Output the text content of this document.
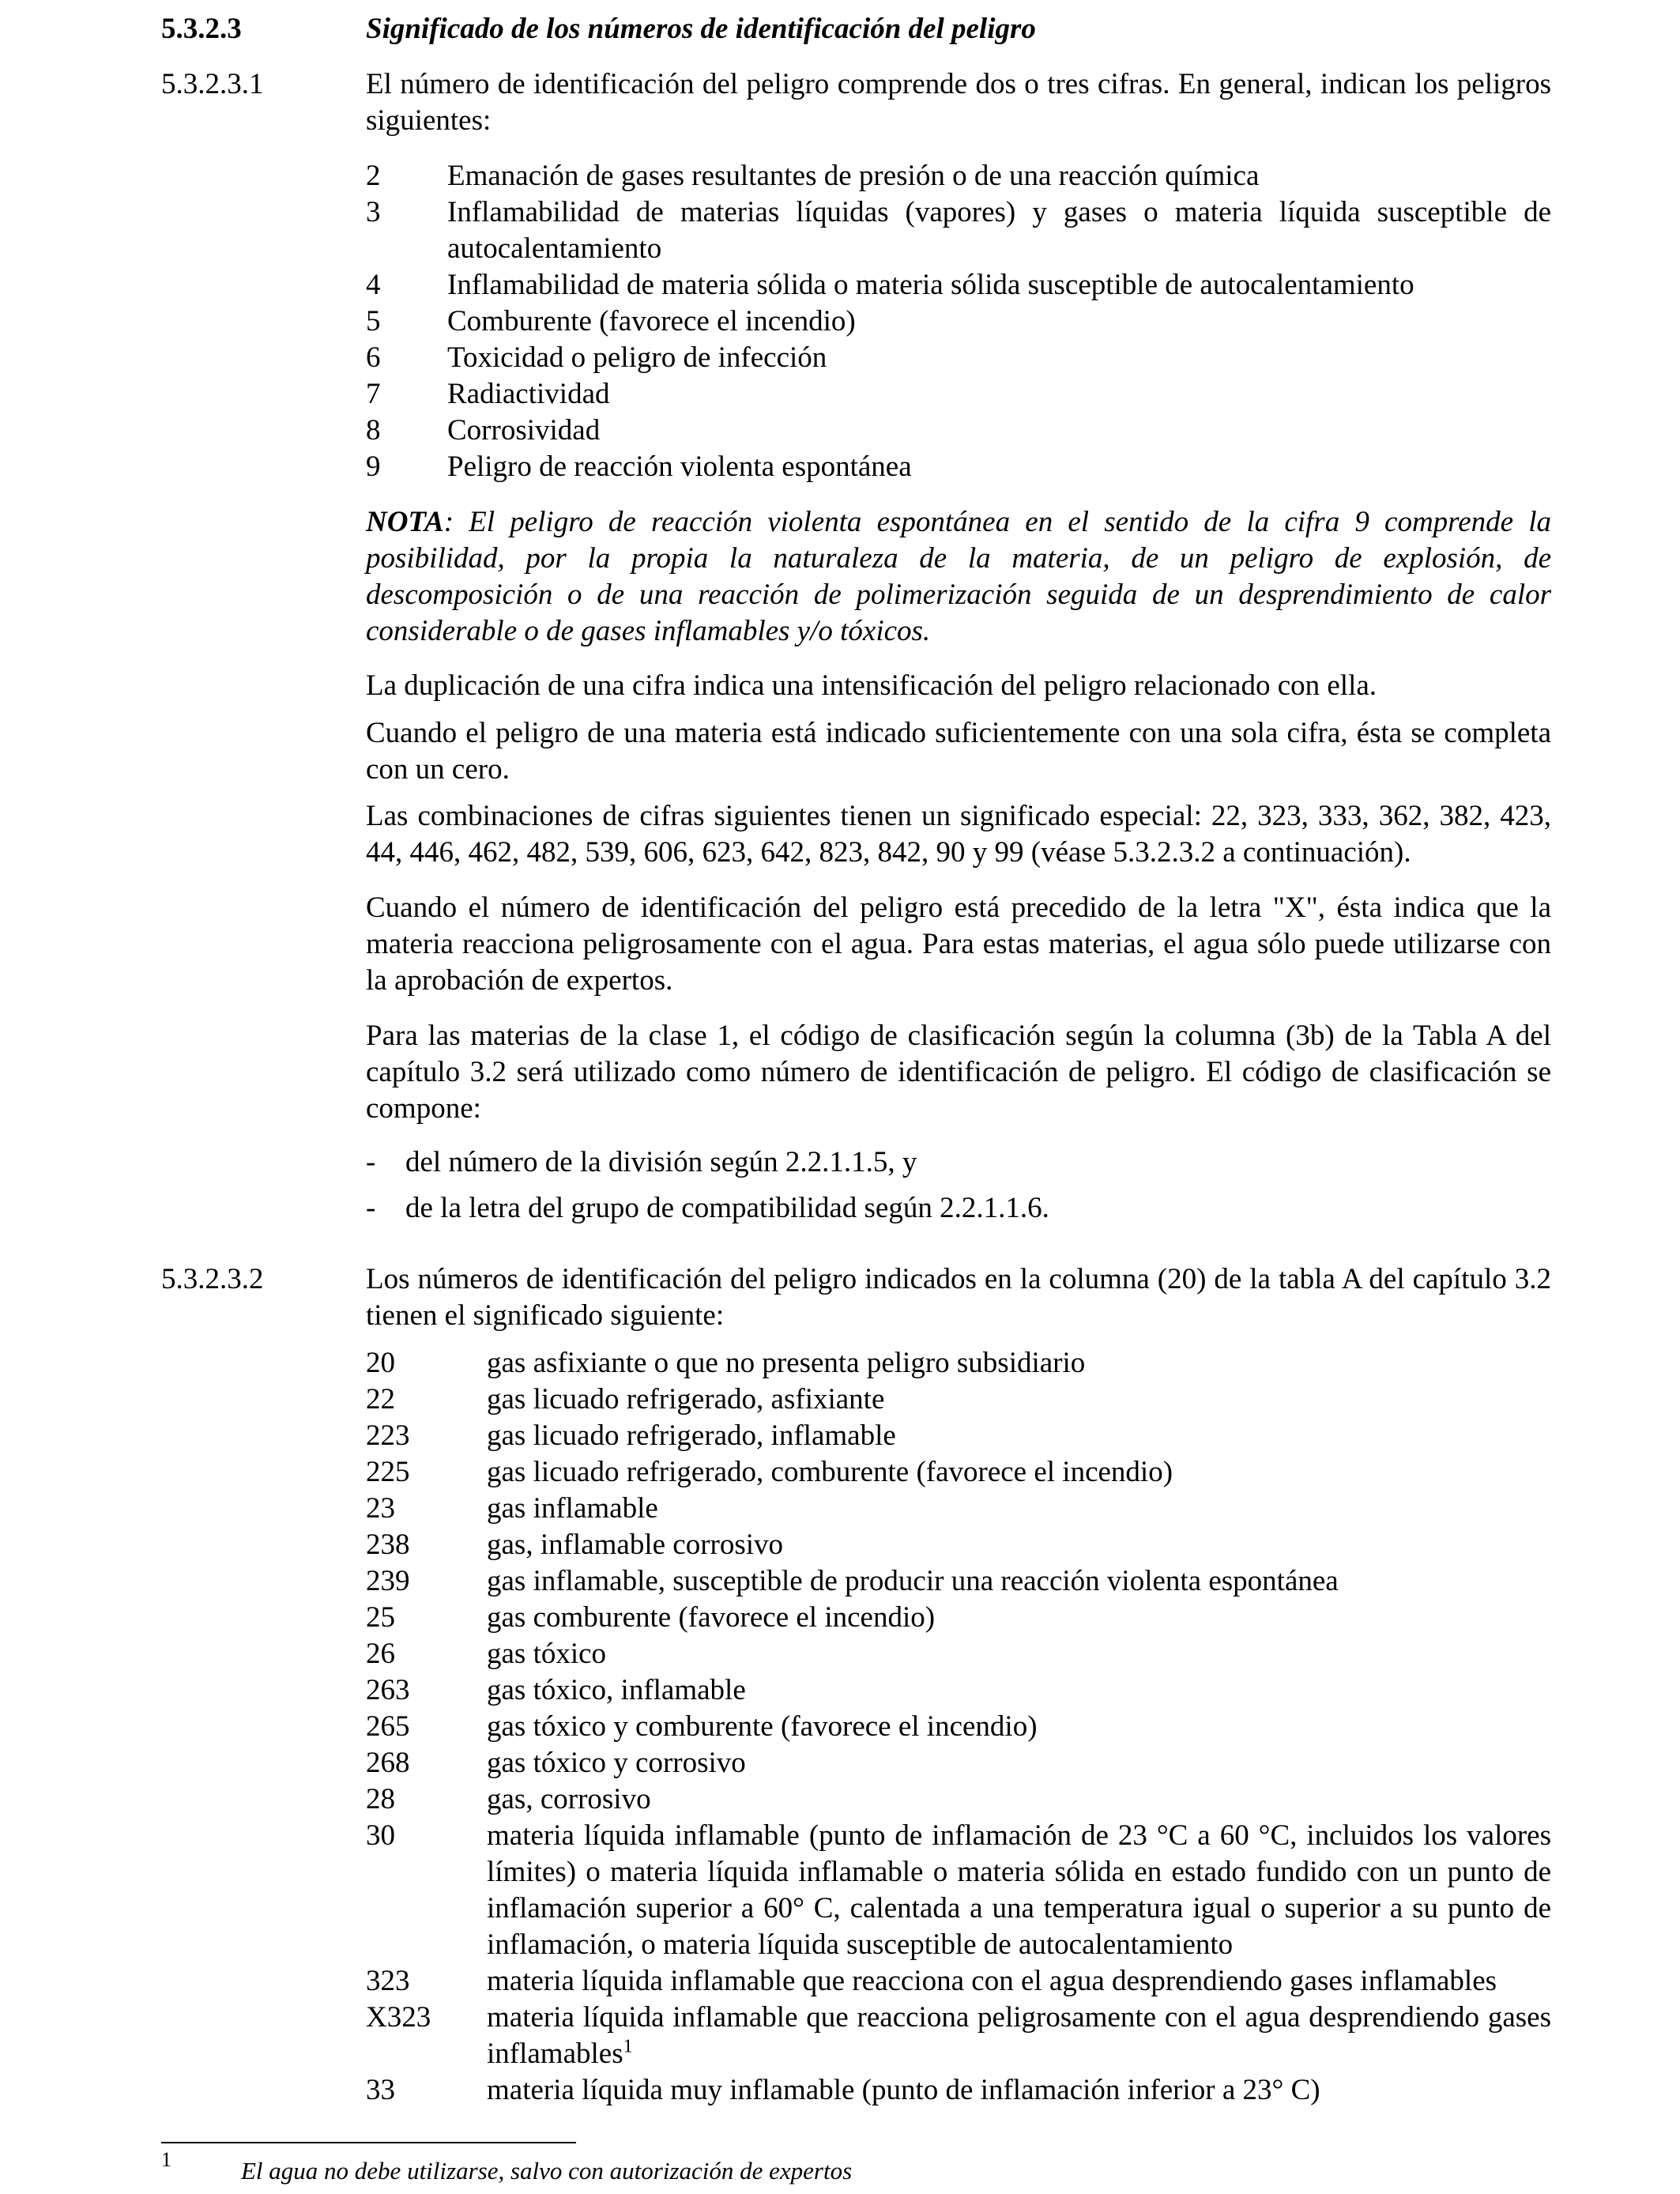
5.3.2.3	Significado de los números de identificación del peligro
5.3.2.3.1	El número de identificación del peligro comprende dos o tres cifras. En general, indican los peligros siguientes:
2	Emanación de gases resultantes de presión o de una reacción química
3	Inflamabilidad de materias líquidas (vapores) y gases o materia líquida susceptible de autocalentamiento
4	Inflamabilidad de materia sólida o materia sólida susceptible de autocalentamiento
5	Comburente (favorece el incendio)
6	Toxicidad o peligro de infección
7	Radiactividad
8	Corrosividad
9	Peligro de reacción violenta espontánea
NOTA: El peligro de reacción violenta espontánea en el sentido de la cifra 9 comprende la posibilidad, por la propia la naturaleza de la materia, de un peligro de explosión, de descomposición o de una reacción de polimerización seguida de un desprendimiento de calor considerable o de gases inflamables y/o tóxicos.
La duplicación de una cifra indica una intensificación del peligro relacionado con ella.
Cuando el peligro de una materia está indicado suficientemente con una sola cifra, ésta se completa con un cero.
Las combinaciones de cifras siguientes tienen un significado especial: 22, 323, 333, 362, 382, 423, 44, 446, 462, 482, 539, 606, 623, 642, 823, 842, 90 y 99 (véase 5.3.2.3.2 a continuación).
Cuando el número de identificación del peligro está precedido de la letra "X", ésta indica que la materia reacciona peligrosamente con el agua. Para estas materias, el agua sólo puede utilizarse con la aprobación de expertos.
Para las materias de la clase 1, el código de clasificación según la columna (3b) de la Tabla A del capítulo 3.2 será utilizado como número de identificación de peligro. El código de clasificación se compone:
-	del número de la división según 2.2.1.1.5, y
-	de la letra del grupo de compatibilidad según 2.2.1.1.6.
5.3.2.3.2	Los números de identificación del peligro indicados en la columna (20) de la tabla A del capítulo 3.2 tienen el significado siguiente:
20	gas asfixiante o que no presenta peligro subsidiario
22	gas licuado refrigerado, asfixiante
223	gas licuado refrigerado, inflamable
225	gas licuado refrigerado, comburente (favorece el incendio)
23	gas inflamable
238	gas, inflamable corrosivo
239	gas inflamable, susceptible de producir una reacción violenta espontánea
25	gas comburente (favorece el incendio)
26	gas tóxico
263	gas tóxico, inflamable
265	gas tóxico y comburente (favorece el incendio)
268	gas tóxico y corrosivo
28	gas, corrosivo
30	materia líquida inflamable (punto de inflamación de 23 °C a 60 °C, incluidos los valores límites) o materia líquida inflamable o materia sólida en estado fundido con un punto de inflamación superior a 60° C, calentada a una temperatura igual o superior a su punto de inflamación, o materia líquida susceptible de autocalentamiento
323	materia líquida inflamable que reacciona con el agua desprendiendo gases inflamables
X323	materia líquida inflamable que reacciona peligrosamente con el agua desprendiendo gases inflamables$^1$
33	materia líquida muy inflamable (punto de inflamación inferior a 23° C)
1	El agua no debe utilizarse, salvo con autorización de expertos
